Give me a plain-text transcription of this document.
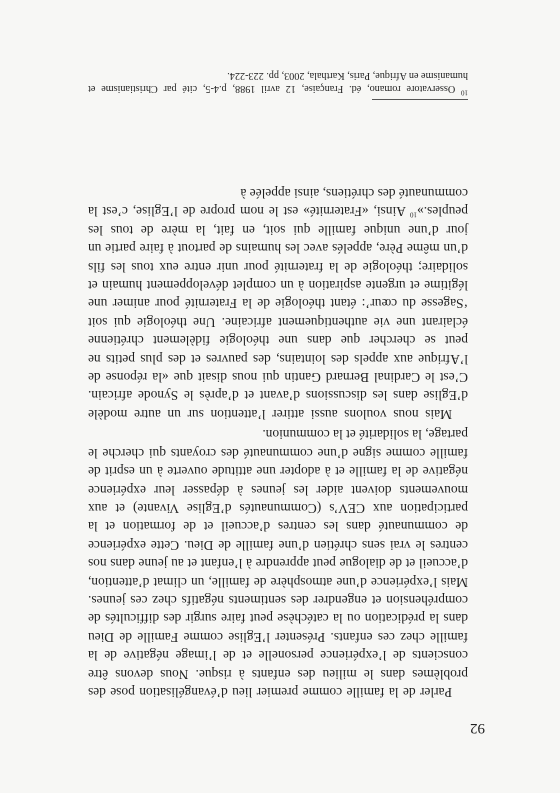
92

Parler de la famille comme premier lieu d’évangélisation pose des problèmes dans le milieu des enfants à risque. Nous devons être conscients de l’expérience personelle et de l’image négative de la famille chez ces enfants. Présenter l’Eglise comme Famille de Dieu dans la prédication ou la catéchèse peut faire surgir des difficultés de compréhension et engendrer des sentiments négatifs chez ces jeunes. Mais l’expérience d’une atmosphère de famille, un climat d’attention, d’accueil et de dialogue peut apprendre à l’enfant et au jeune dans nos centres le vrai sens chrétien d’une famille de Dieu. Cette expérience de communauté dans les centres d’accueil et de formation et la participation aux CEV’s (Communautés d’Eglise Vivante) et aux mouvements doivent aider les jeunes à dépasser leur expérience négative de la famille et à adopter une attitude ouverte à un esprit de famille comme signe d’une communauté des croyants qui cherche le partage, la solidarité et la communion.

Mais nous voulons aussi attirer l’attention sur un autre modèle d’Eglise dans les discussions d’avant et d’après le Synode africain. C’est le Cardinal Bernard Gantin qui nous disait que «la réponse de l’Afrique aux appels des lointains, des pauvres et des plus petits ne peut se chercher que dans une théologie fidèlement chrétienne éclairant une vie authentiquement africaine. Une théologie qui soit ‘Sagesse du cœur’: étant théologie de la Fraternité pour animer une légitime et urgente aspiration à un complet développement humain et solidaire; théologie de la fraternité pour unir entre eux tous les fils d’un même Père, appelés avec les humains de partout à faire partie un jour d’une unique famille qui soit, en fait, la mère de tous les peuples.»$^{10}$ Ainsi, «Fraternité» est le nom propre de l’Eglise, c’est la communauté des chrétiens, ainsi appelée à

$^{10}$ Osservatore romano, éd. Française, 12 avril 1988, p.4-5, cité par Christianisme et humanisme en Afrique, Paris, Karthala, 2003, pp. 223-224.
